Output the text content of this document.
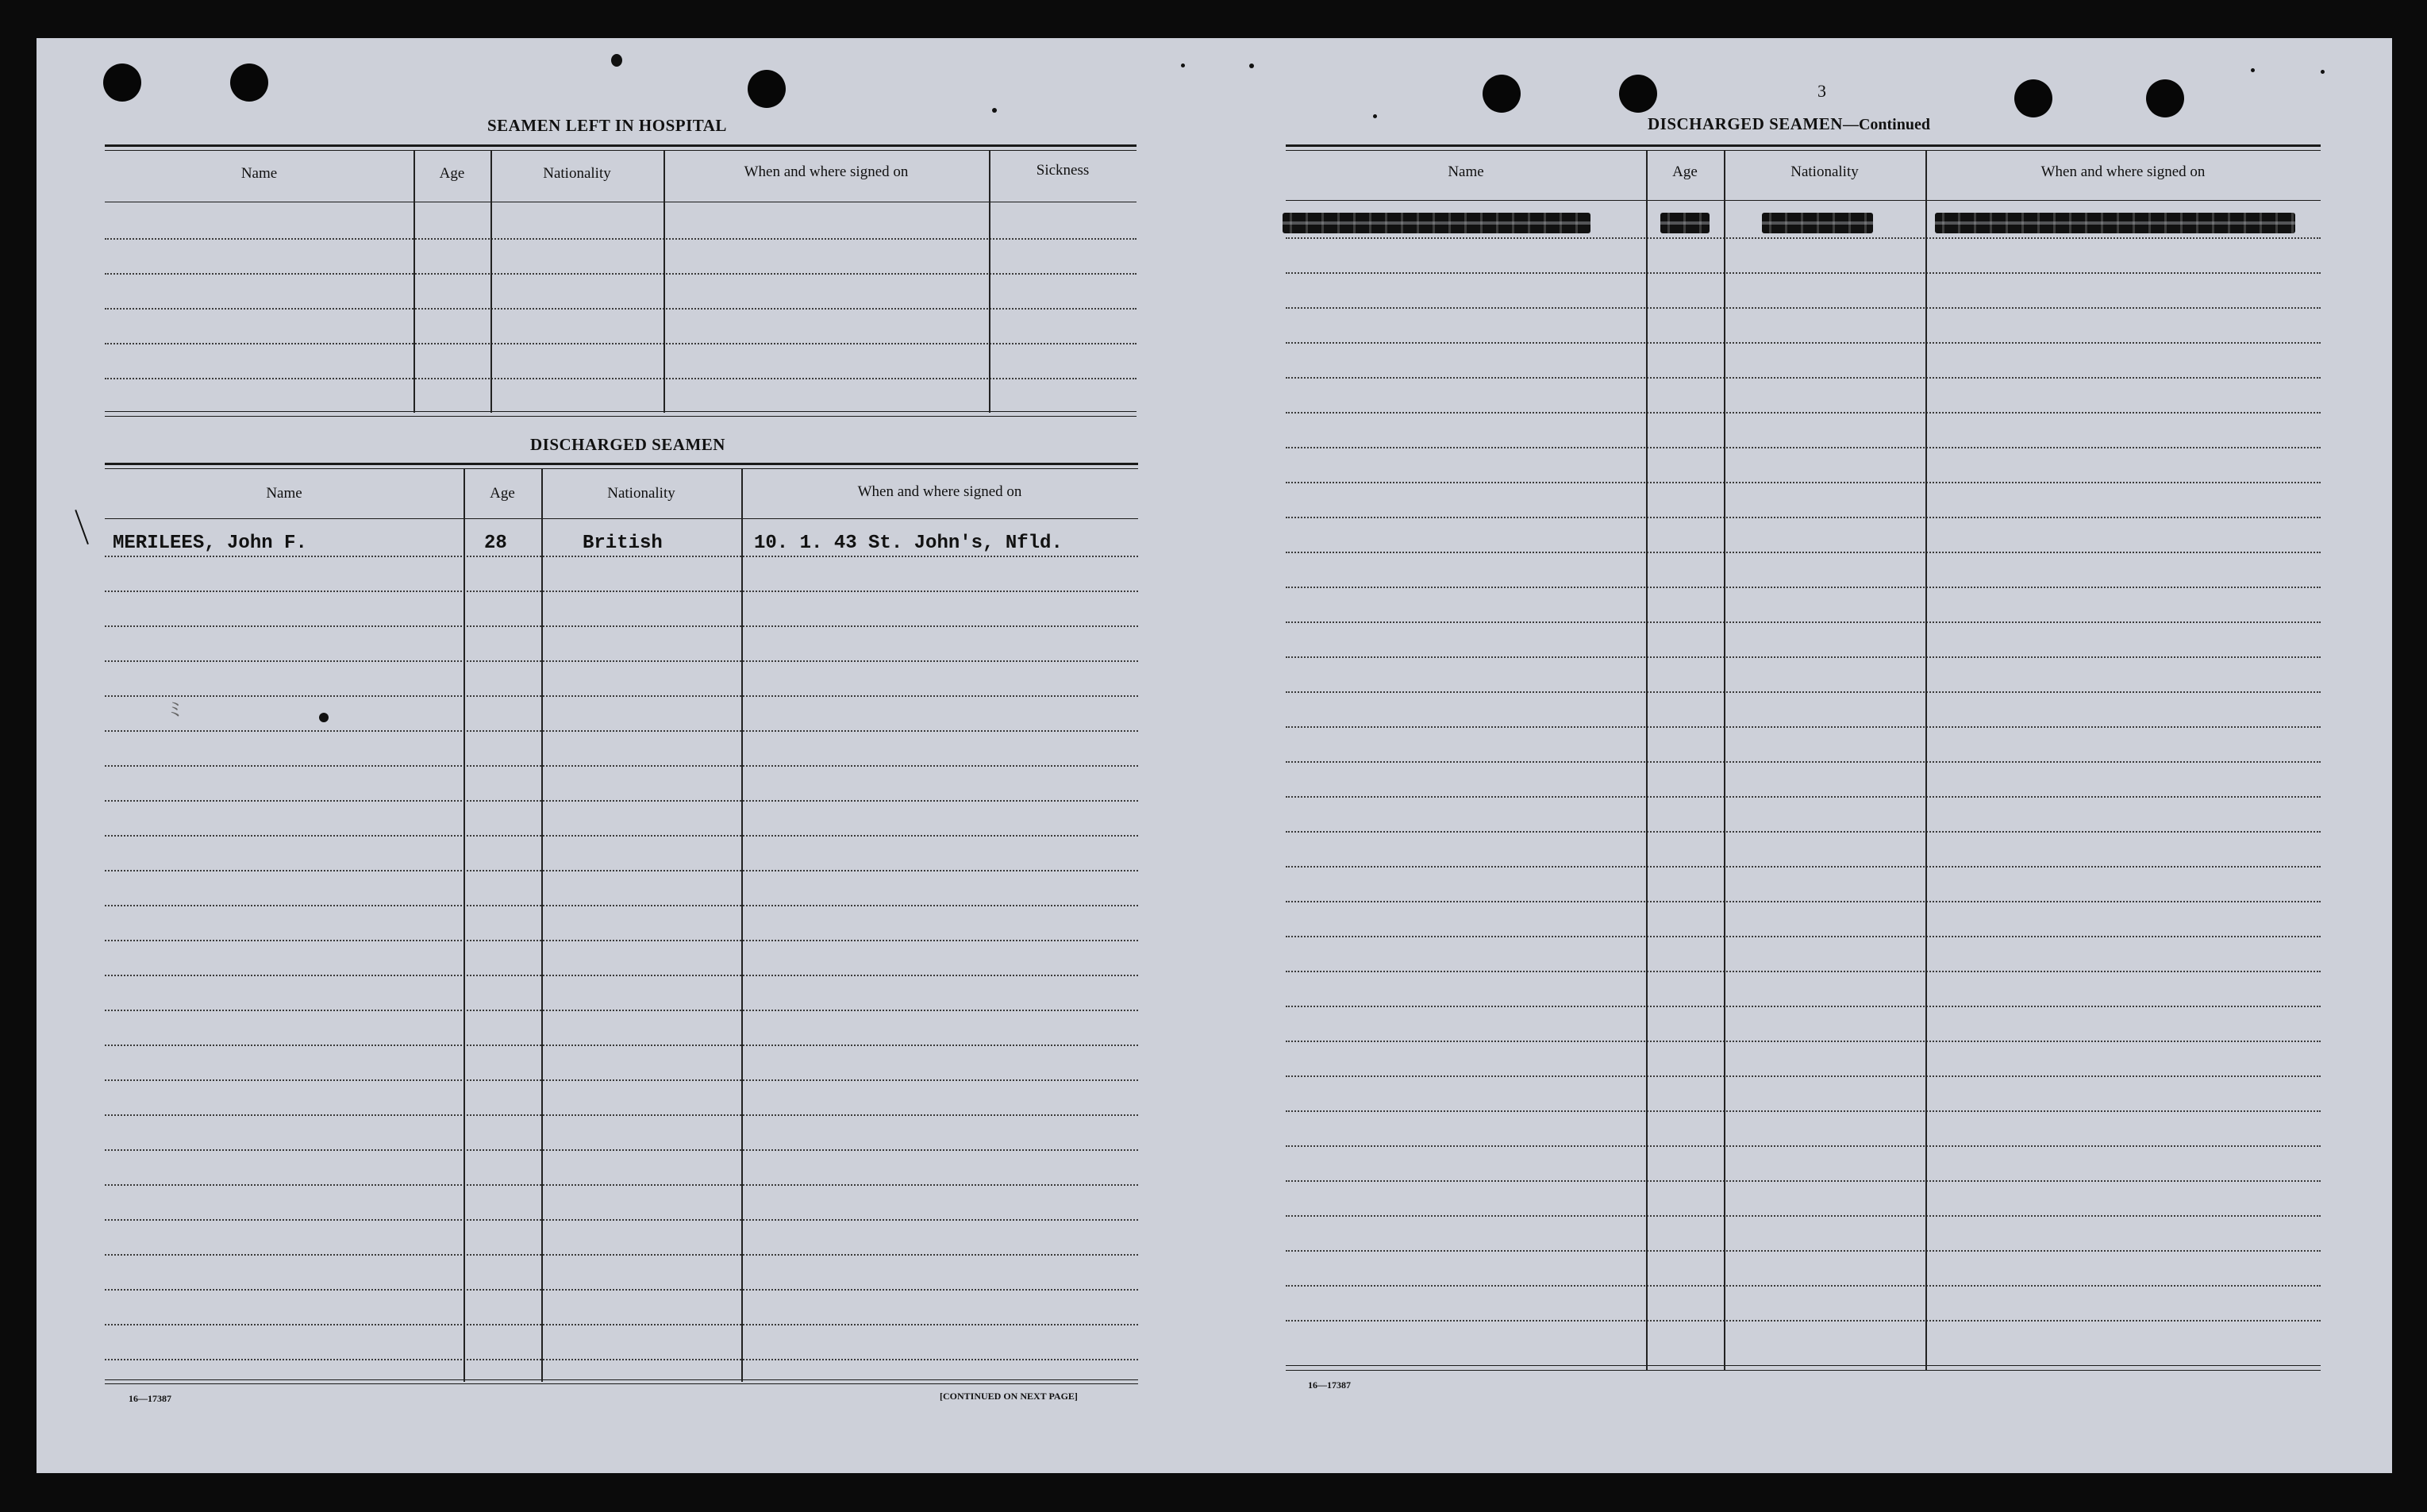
SEAMEN LEFT IN HOSPITAL
Name	Age	Nationality	When and where signed on	Sickness
DISCHARGED SEAMEN
Name	Age	Nationality	When and where signed on
MERILEES, John F.	28	British	10. 1. 43 St. John's, Nfld.
ﾐ
16—17387	[CONTINUED ON NEXT PAGE]
3
DISCHARGED SEAMEN—Continued
Name	Age	Nationality	When and where signed on
16—17387
